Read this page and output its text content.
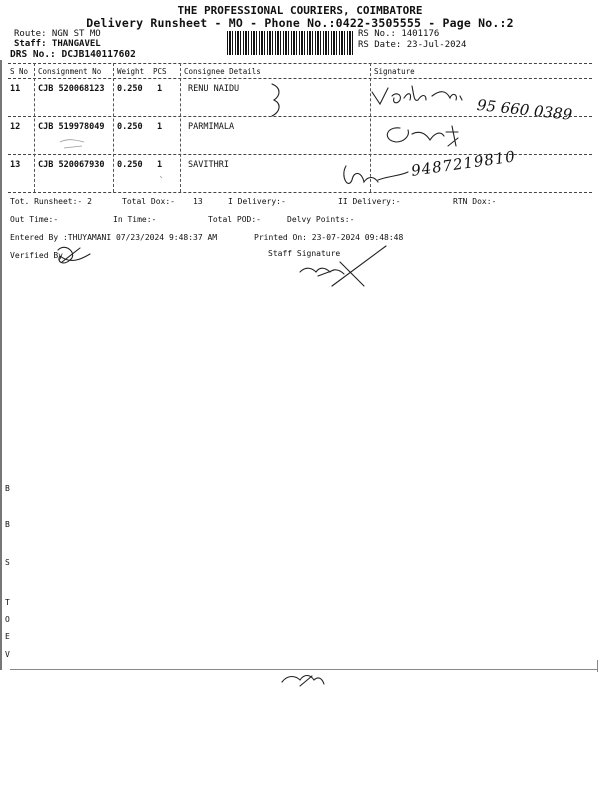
THE PROFESSIONAL COURIERS, COIMBATORE
Delivery Runsheet - MO - Phone No.:0422-3505555 - Page No.:2
Route: NGN ST MO
Staff: THANGAVEL
DRS No.: DCJB140117602
RS No.: 1401176
RS Date: 23-Jul-2024
S No Consignment No Weight PCS Consignee Details	Signature
11 CJB 520068123 0.250 1	RENU NAIDU
12 CJB 519978049 0.250 1	PARMIMALA
13 CJB 520067930 0.250 1	SAVITHRI
95 660 0389
9487219810
Tot. Runsheet:- 2	Total Dox:- 13	I Delivery:-	II Delivery:-	RTN Dox:-
Out Time:-	In Time:-	Total POD:-	Delvy Points:-
Entered By :THUYAMANI 07/23/2024 9:48:37 AM	Printed On: 23-07-2024 09:48:48
Verified By	Staff Signature
B
B
S
T
O
E
V
